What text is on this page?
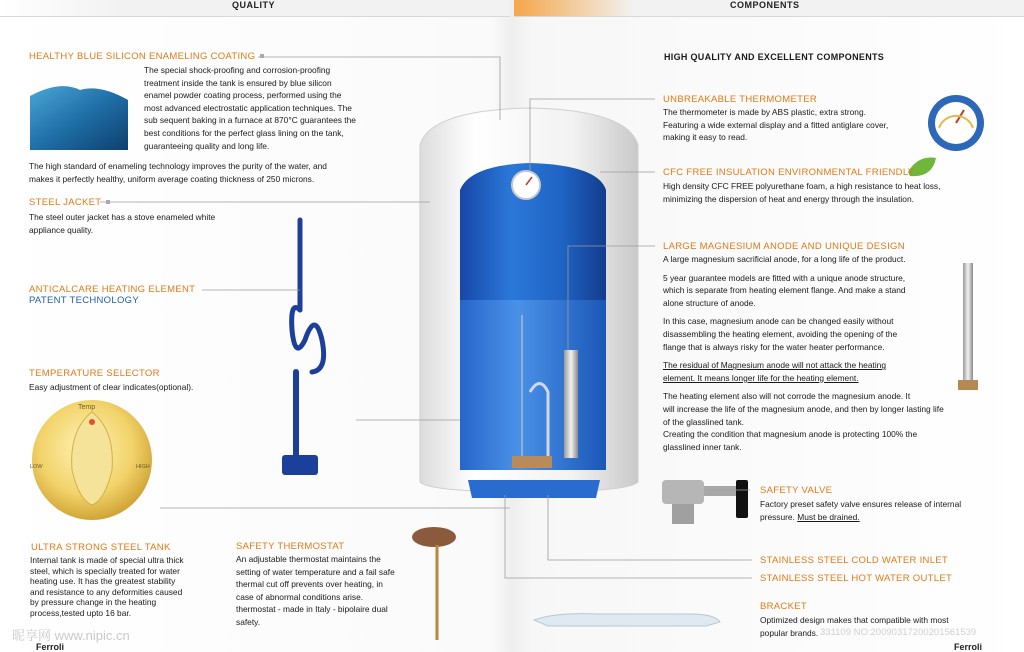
QUALITY	COMPONENTS
HEALTHY BLUE SILICON ENAMELING COATING

The special shock-proofing and corrosion-proofing

treatment inside the tank is ensured by blue silicon

enamel powder coating process, performed using the

most advanced electrostatic application techniques. The

sub sequent baking in a furnace at 870°C guarantees the

best conditions for the perfect glass lining on the tank,

guaranteeing quality and long life.

The high standard of enameling technology improves the purity of the water, and

makes it perfectly healthy, uniform average coating thickness of 250 microns.

STEEL JACKET

The steel outer jacket has a stove enameled white

appliance quality.

ANTICALCARE HEATING ELEMENT
PATENT TECHNOLOGY
TEMPERATURE SELECTOR

Easy adjustment of clear indicates(optional).

Temp
LOW	HIGH
ULTRA STRONG STEEL TANK

Internal tank is made of special ultra thick

steel, which is specially treated for water

heating use. It has the greatest stability

and resistance to any deformities caused

by pressure change in the heating

process,tested upto 16 bar.

SAFETY THERMOSTAT

An adjustable thermostat maintains the

setting of water temperature and a fail safe

thermal cut off prevents over heating, in

case of abnormal conditions arise.

thermostat - made in Italy - bipolaire dual

safety.

昵享网 www.nipic.cn
Ferroli
HIGH QUALITY AND EXCELLENT COMPONENTS
UNBREAKABLE THERMOMETER

The thermometer is made by ABS plastic, extra strong.

Featuring a wide external display and a fitted antiglare cover,

making it easy to read.

CFC FREE INSULATION ENVIRONMENTAL FRIENDLY

High density CFC FREE polyurethane foam, a high resistance to heat loss,

minimizing the dispersion of heat and energy through the insulation.

LARGE MAGNESIUM ANODE AND UNIQUE DESIGN

A large magnesium sacrificial anode, for a long life of the product.

5 year guarantee models are fitted with a unique anode structure,

which is separate from heating element flange. And make a stand

alone structure of anode.

In this case, magnesium anode can be changed easily without

disassembling the heating element, avoiding the opening of the

flange that is always risky for the water heater performance.

The residual of Magnesium anode will not attack the heating

element. It means longer life for the heating element.

The heating element also will not corrode the magnesium anode. It

will increase the life of the magnesium anode, and then by longer lasting life

of the glasslined tank.

Creating the condition that magnesium anode is protecting 100% the

glasslined inner tank.

SAFETY VALVE

Factory preset safety valve ensures release of internal

pressure. Must be drained.

STAINLESS STEEL COLD WATER INLET
STAINLESS STEEL HOT WATER OUTLET
BRACKET

Optimized design makes that compatible with most

popular brands. 331109 NO:20090317200201561539
Ferroli
